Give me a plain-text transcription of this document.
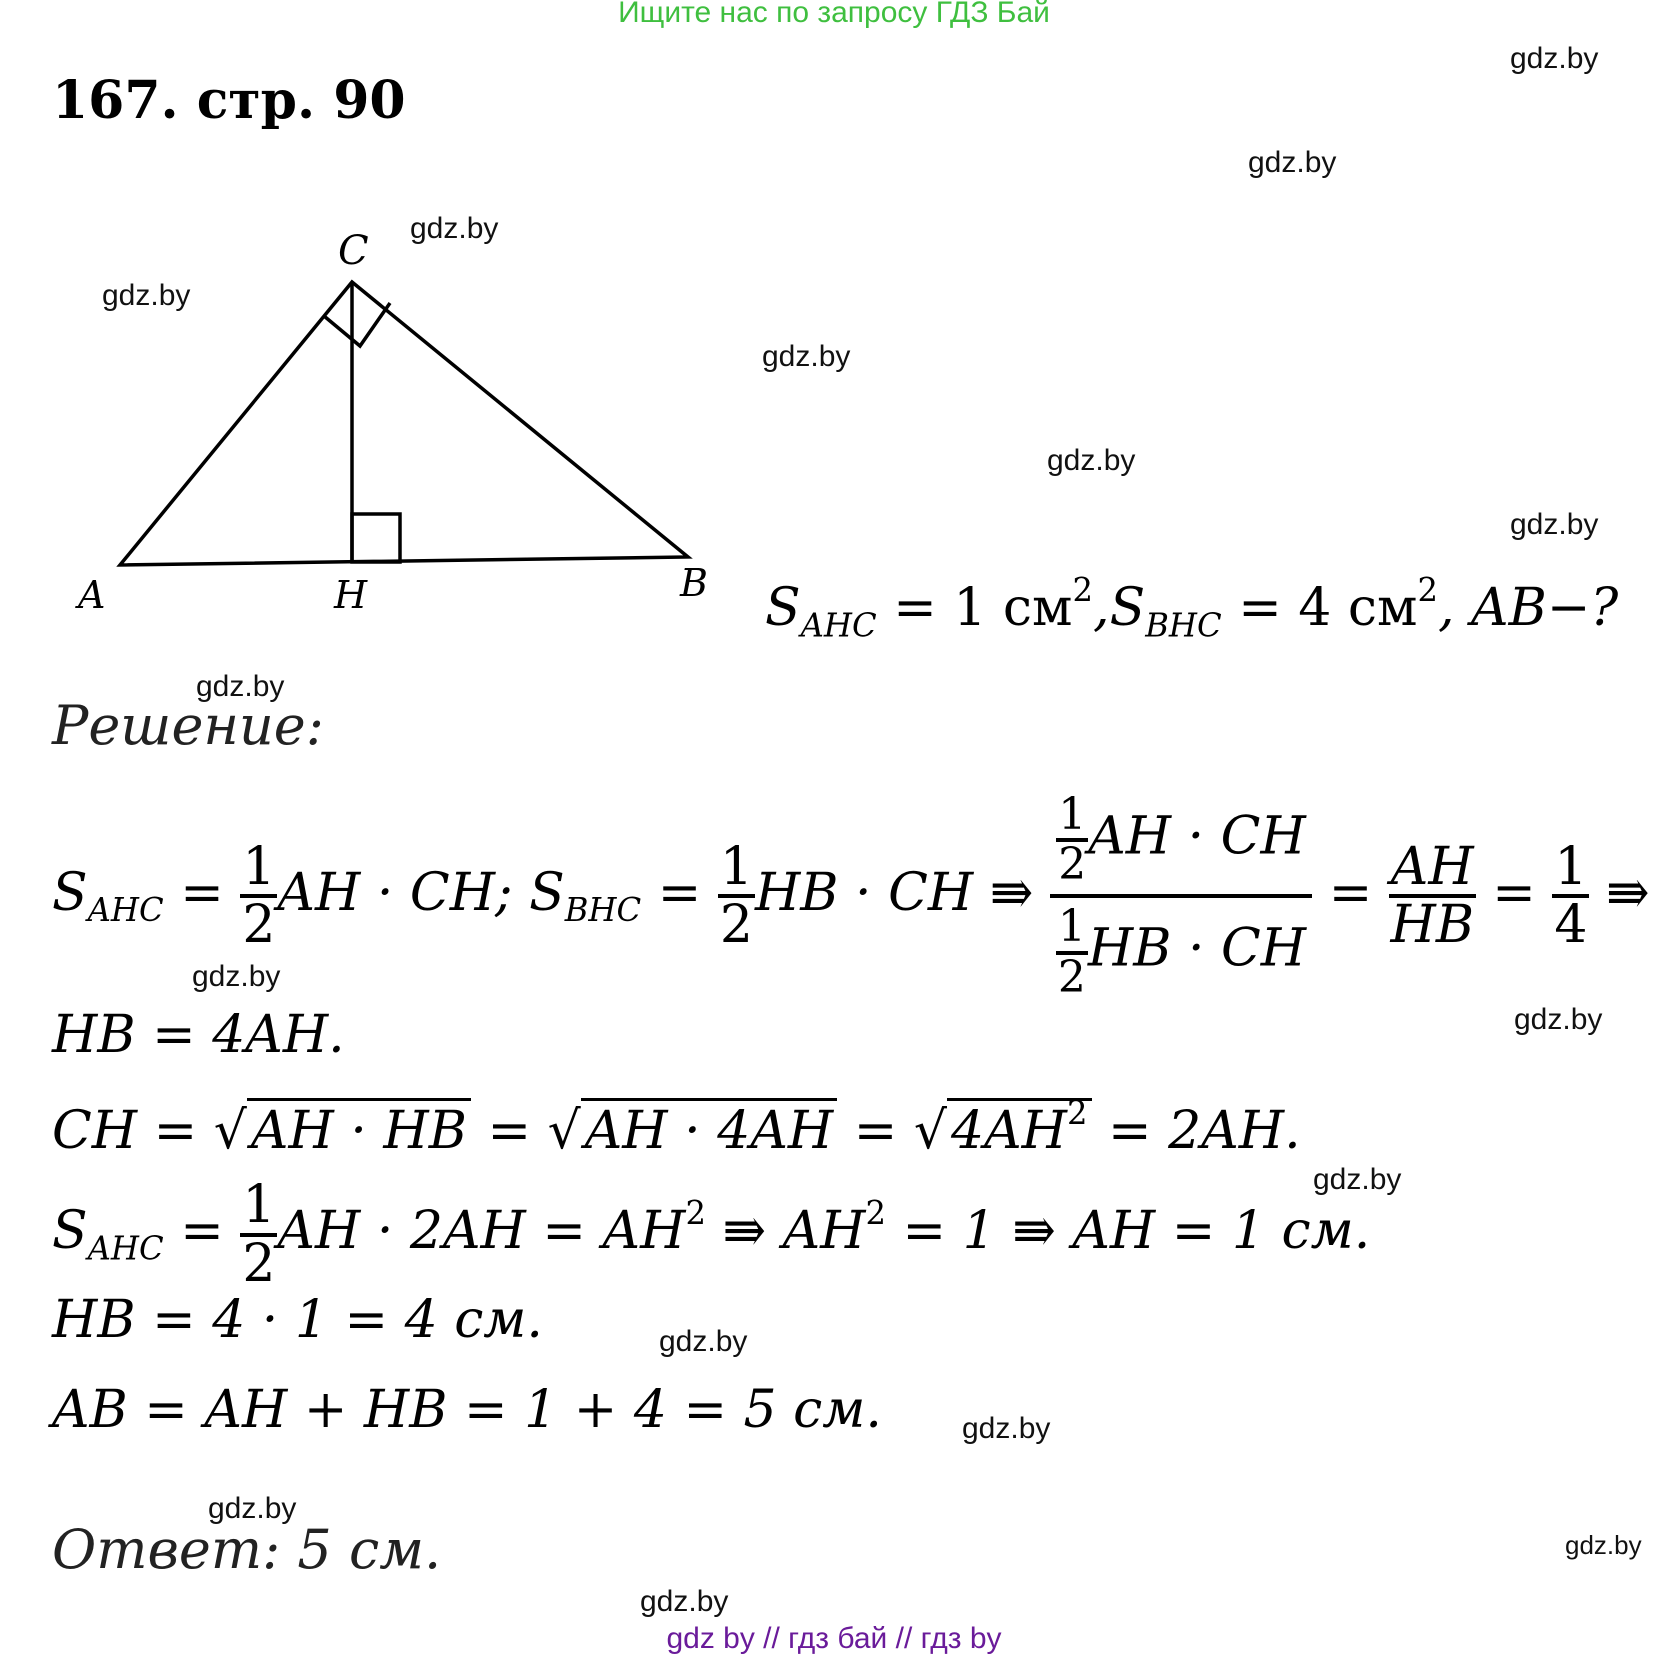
Ищите нас по запросу ГДЗ Бай
167. стр. 90
gdz.by
gdz.by
gdz.by
gdz.by
gdz.by
gdz.by
gdz.by
gdz.by
gdz.by
gdz.by
gdz.by
gdz.by
gdz.by
gdz.by
gdz.by
gdz.by
A	H	B
C
$S_{AHC} = 1$ $см^2,S_{BHC} = 4$ $см^2$, AB−?
Решение:
$S_{AHC} = \frac{1}{2}$ AH · CH; $S_{BHC} = \frac{1}{2}$ HB · CH ⇛ $\frac{\frac{1}{2} AH \cdot CH}{\frac{1}{2} HB \cdot CH} = \frac{AH}{HB} = \frac{1}{4}$ ⇛
HB = 4AH.
CH = √AH · HB = $√AH \cdot 4AH = √4AH^2 = 2AH$.
$S_{AHC} = \frac{1}{2}$ AH · $2AH = AH^2$ ⇛ $AH^2 = 1$ ⇛ AH = 1 см.
HB = 4 · 1 = 4 см.
AB = AH + HB = 1 + 4 = 5 см.
Ответ: 5 см.
gdz by // гдз бай // гдз by
